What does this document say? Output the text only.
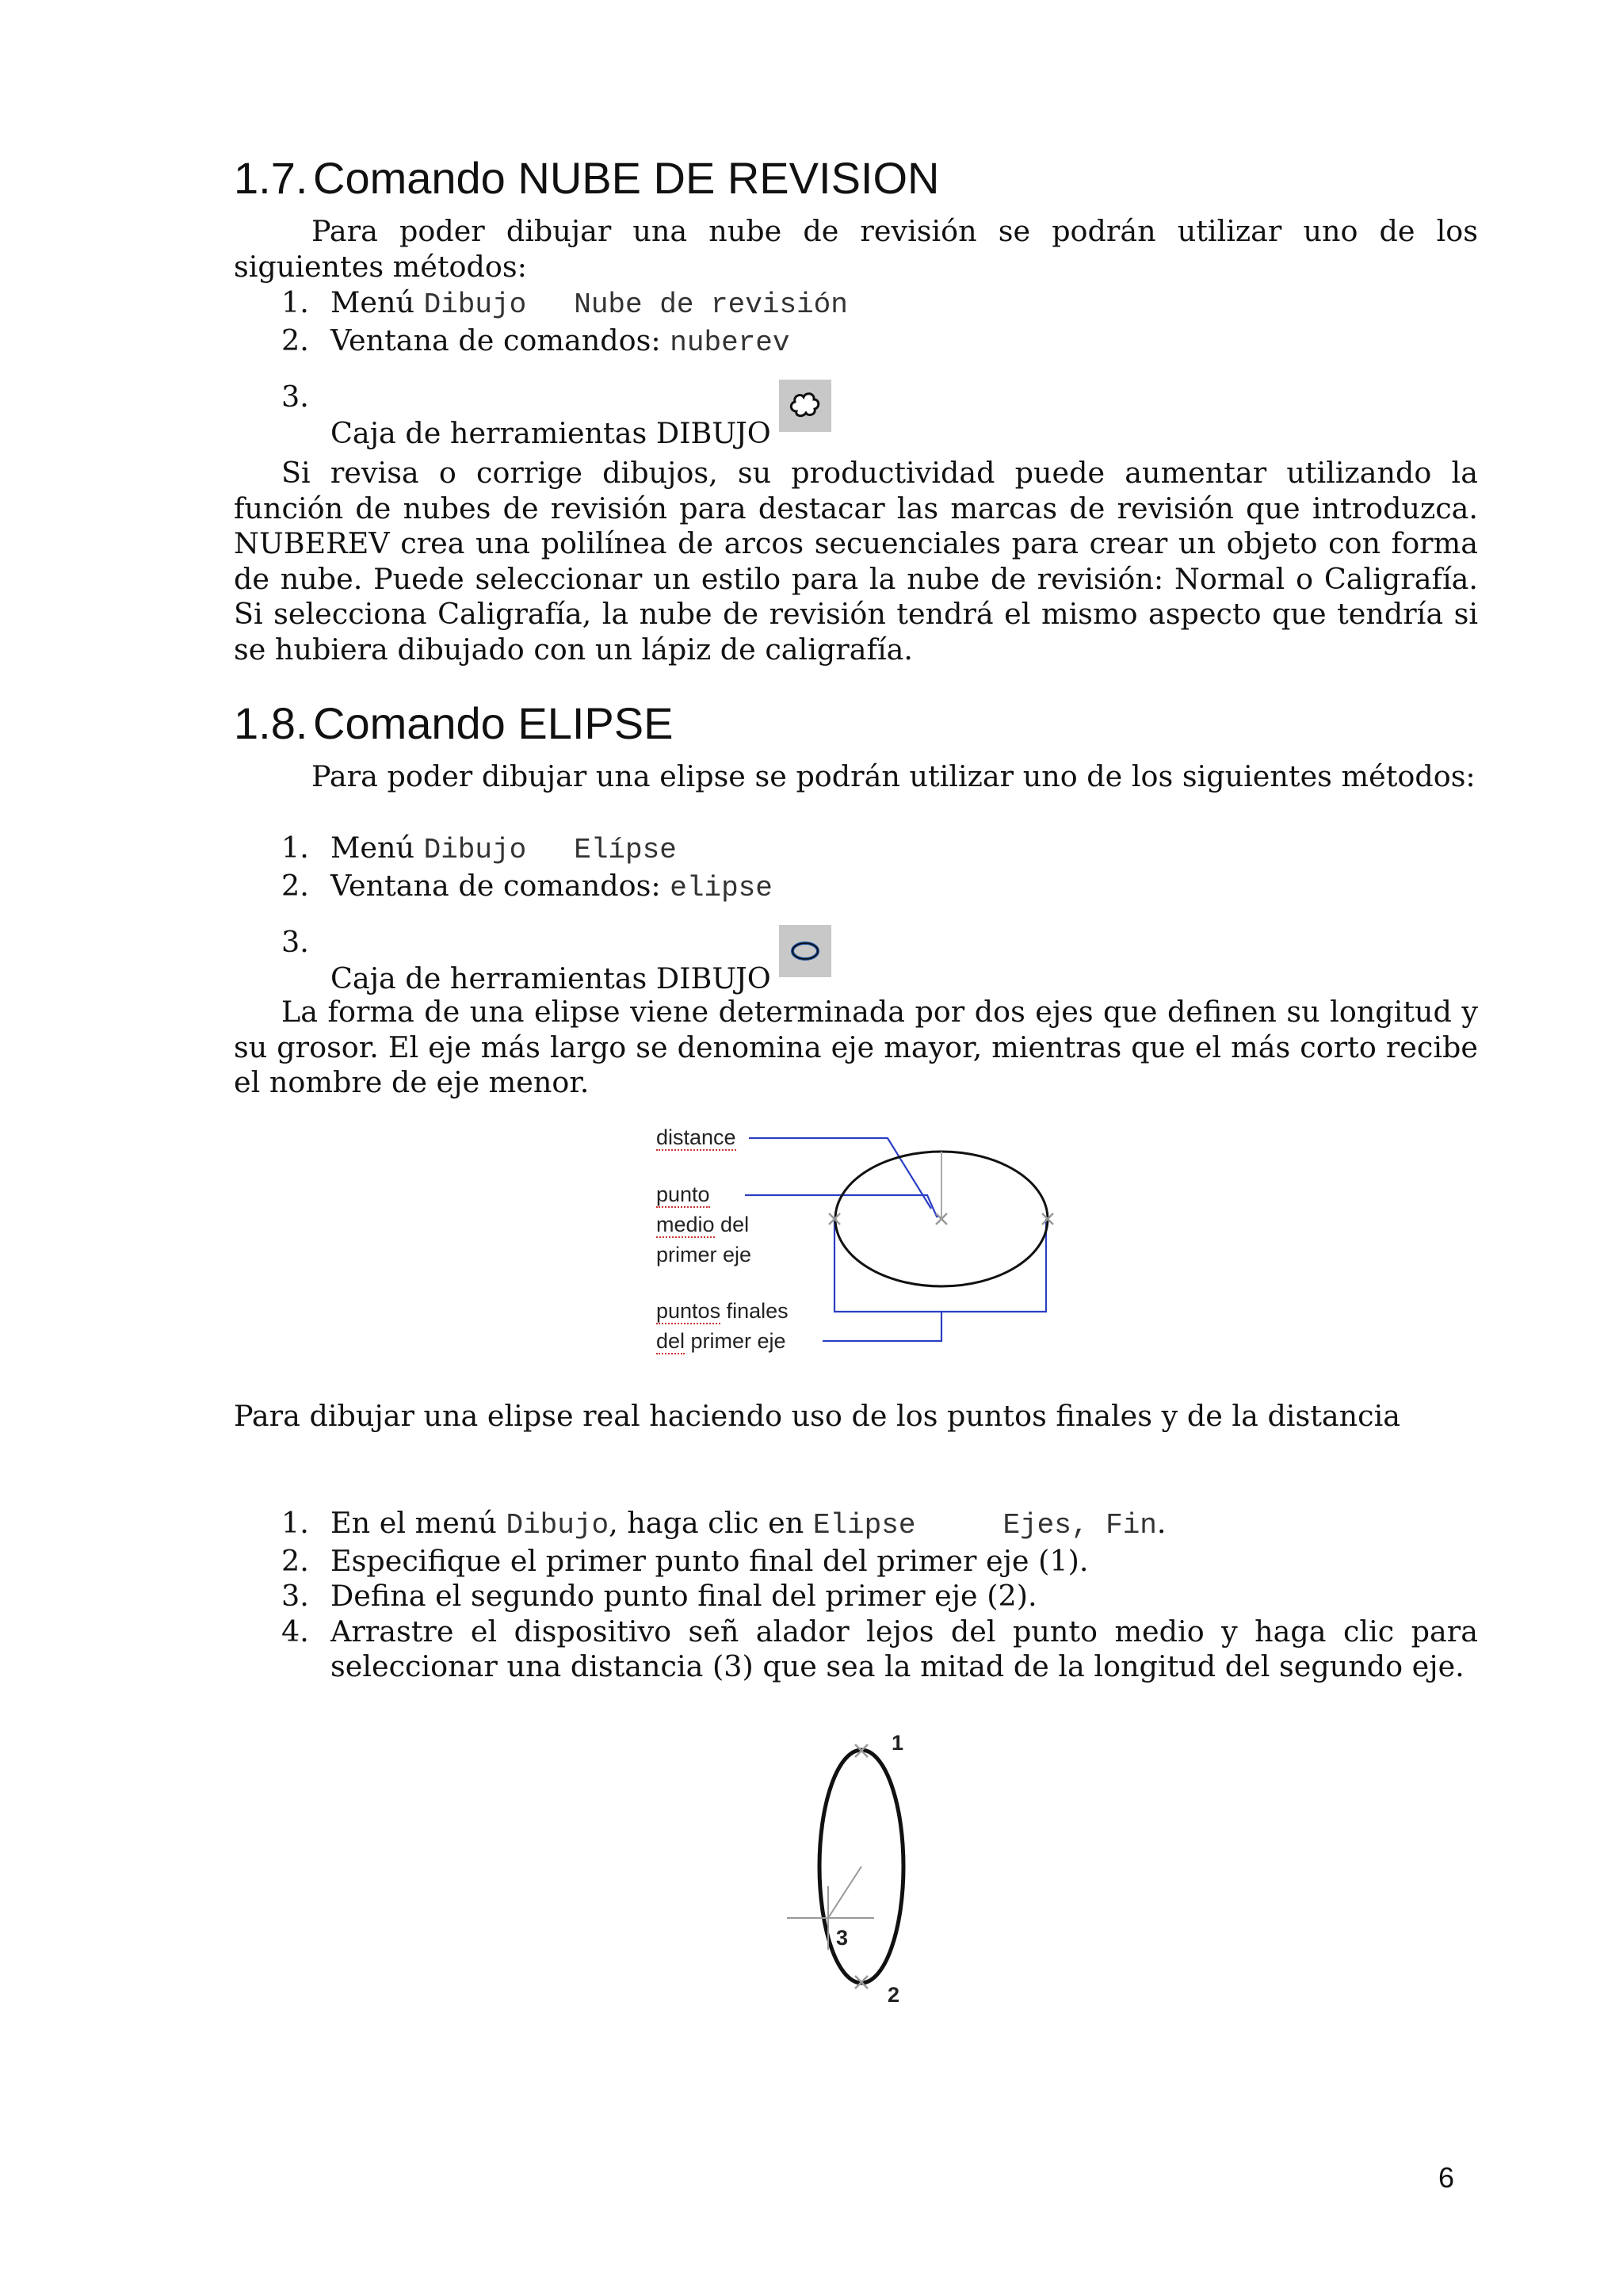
1.7. Comando NUBE DE REVISION

Para poder dibujar una nube de revisión se podrán utilizar uno de los siguientes métodos:

1. Menú Dibujo Nube de revisión
2. Ventana de comandos: nuberev
3.
Caja de herramientas DIBUJO

Si revisa o corrige dibujos, su productividad puede aumentar utilizando la función de nubes de revisión para destacar las marcas de revisión que introduzca. NUBEREV crea una polilínea de arcos secuenciales para crear un objeto con forma de nube. Puede seleccionar un estilo para la nube de revisión: Normal o Caligrafía. Si selecciona Caligrafía, la nube de revisión tendrá el mismo aspecto que tendría si se hubiera dibujado con un lápiz de caligrafía.

1.8. Comando ELIPSE

Para poder dibujar una elipse se podrán utilizar uno de los siguientes métodos:

1. Menú Dibujo Elípse
2. Ventana de comandos: elipse
3.
Caja de herramientas DIBUJO

La forma de una elipse viene determinada por dos ejes que definen su longitud y su grosor. El eje más largo se denomina eje mayor, mientras que el más corto recibe el nombre de eje menor.

distance
punto
medio del
primer eje
puntos finales
del primer eje

Para dibujar una elipse real haciendo uso de los puntos finales y de la distancia

1. En el menú Dibujo, haga clic en Elipse	Ejes, Fin.
2. Especifique el primer punto final del primer eje (1).
3. Defina el segundo punto final del primer eje (2).
4. Arrastre el dispositivo señ alador lejos del punto medio y haga clic para seleccionar una distancia (3) que sea la mitad de la longitud del segundo eje.
1
3
2
6
